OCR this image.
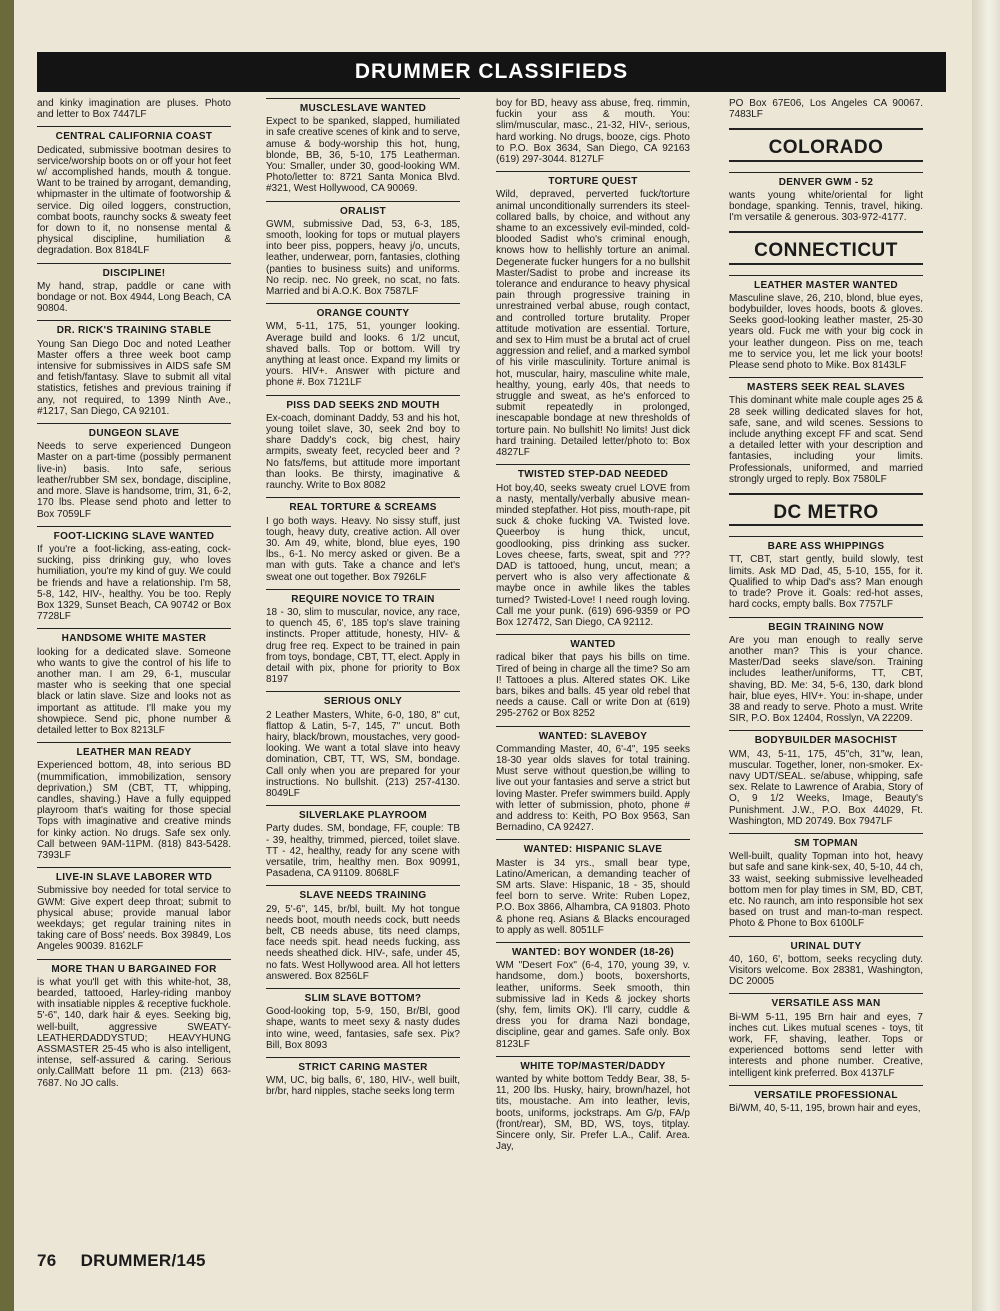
DRUMMER CLASSIFIEDS
and kinky imagination are pluses. Photo and letter to Box 7447LF
CENTRAL CALIFORNIA COAST
Dedicated, submissive bootman desires to service/worship boots on or off your hot feet w/ accomplished hands, mouth & tongue. Want to be trained by arrogant, demanding, whipmaster in the ultimate of footworship & service. Dig oiled loggers, construction, combat boots, raunchy socks & sweaty feet for down to it, no nonsense mental & physical discipline, humiliation & degradation. Box 8184LF
DISCIPLINE!
My hand, strap, paddle or cane with bondage or not. Box 4944, Long Beach, CA 90804.
DR. RICK'S TRAINING STABLE
Young San Diego Doc and noted Leather Master offers a three week boot camp intensive for submissives in AIDS safe SM and fetish/fantasy. Slave to submit all vital statistics, fetishes and previous training if any, not required, to 1399 Ninth Ave., #1217, San Diego, CA 92101.
DUNGEON SLAVE
Needs to serve experienced Dungeon Master on a part-time (possibly permanent live-in) basis. Into safe, serious leather/rubber SM sex, bondage, discipline, and more. Slave is handsome, trim, 31, 6-2, 170 lbs. Please send photo and letter to Box 7059LF
FOOT-LICKING SLAVE WANTED
If you're a foot-licking, ass-eating, cock-sucking, piss drinking guy, who loves humiliation, you're my kind of guy. We could be friends and have a relationship. I'm 58, 5-8, 142, HIV-, healthy. You be too. Reply Box 1329, Sunset Beach, CA 90742 or Box 7728LF
HANDSOME WHITE MASTER
looking for a dedicated slave. Someone who wants to give the control of his life to another man. I am 29, 6-1, muscular master who is seeking that one special black or latin slave. Size and looks not as important as attitude. I'll make you my showpiece. Send pic, phone number & detailed letter to Box 8213LF
LEATHER MAN READY
Experienced bottom, 48, into serious BD (mummification, immobilization, sensory deprivation,) SM (CBT, TT, whipping, candles, shaving.) Have a fully equipped playroom that's waiting for those special Tops with imaginative and creative minds for kinky action. No drugs. Safe sex only. Call between 9AM-11PM. (818) 843-5428. 7393LF
LIVE-IN SLAVE LABORER WTD
Submissive boy needed for total service to GWM: Give expert deep throat; submit to physical abuse; provide manual labor weekdays; get regular training nites in taking care of Boss' needs. Box 39849, Los Angeles 90039. 8162LF
MORE THAN U BARGAINED FOR
is what you'll get with this white-hot, 38, bearded, tattooed, Harley-riding manboy with insatiable nipples & receptive fuckhole. 5'-6", 140, dark hair & eyes. Seeking big, well-built, aggressive SWEATY-LEATHERDADDYSTUD; HEAVYHUNG ASSMASTER 25-45 who is also intelligent, intense, self-assured & caring. Serious only.CallMatt before 11 pm. (213) 663-7687. No JO calls.
MUSCLESLAVE WANTED
Expect to be spanked, slapped, humiliated in safe creative scenes of kink and to serve, amuse & body-worship this hot, hung, blonde, BB, 36, 5-10, 175 Leatherman. You: Smaller, under 30, good-looking WM. Photo/letter to: 8721 Santa Monica Blvd. #321, West Hollywood, CA 90069.
ORALIST
GWM, submissive Dad, 53, 6-3, 185, smooth, looking for tops or mutual players into beer piss, poppers, heavy j/o, uncuts, leather, underwear, porn, fantasies, clothing (panties to business suits) and uniforms. No recip. nec. No greek, no scat, no fats. Married and bi A.O.K. Box 7587LF
ORANGE COUNTY
WM, 5-11, 175, 51, younger looking. Average build and looks. 6 1/2 uncut, shaved balls. Top or bottom. Will try anything at least once. Expand my limits or yours. HIV+. Answer with picture and phone #. Box 7121LF
PISS DAD SEEKS 2ND MOUTH
Ex-coach, dominant Daddy, 53 and his hot, young toilet slave, 30, seek 2nd boy to share Daddy's cock, big chest, hairy armpits, sweaty feet, recycled beer and ? No fats/fems, but attitude more important than looks. Be thirsty, imaginative & raunchy. Write to Box 8082
REAL TORTURE & SCREAMS
I go both ways. Heavy. No sissy stuff, just tough, heavy duty, creative action. All over 30. Am 49, white, blond, blue eyes, 190 lbs., 6-1. No mercy asked or given. Be a man with guts. Take a chance and let's sweat one out together. Box 7926LF
REQUIRE NOVICE TO TRAIN
18 - 30, slim to muscular, novice, any race, to quench 45, 6', 185 top's slave training instincts. Proper attitude, honesty, HIV- & drug free req. Expect to be trained in pain from toys, bondage, CBT, TT, elect. Apply in detail with pix, phone for priority to Box 8197
SERIOUS ONLY
2 Leather Masters, White, 6-0, 180, 8" cut, flattop & Latin, 5-7, 145, 7" uncut. Both hairy, black/brown, moustaches, very good-looking. We want a total slave into heavy domination, CBT, TT, WS, SM, bondage. Call only when you are prepared for your instructions. No bullshit. (213) 257-4130. 8049LF
SILVERLAKE PLAYROOM
Party dudes. SM, bondage, FF, couple: TB - 39, healthy, trimmed, pierced, toilet slave. TT - 42, healthy, ready for any scene with versatile, trim, healthy men. Box 90991, Pasadena, CA 91109. 8068LF
SLAVE NEEDS TRAINING
29, 5'-6", 145, br/bl, built. My hot tongue needs boot, mouth needs cock, butt needs belt, CB needs abuse, tits need clamps, face needs spit. head needs fucking, ass needs sheathed dick. HIV-, safe, under 45, no fats. West Hollywood area. All hot letters answered. Box 8256LF
SLIM SLAVE BOTTOM?
Good-looking top, 5-9, 150, Br/Bl, good shape, wants to meet sexy & nasty dudes into wine, weed, fantasies, safe sex. Pix? Bill, Box 8093
STRICT CARING MASTER
WM, UC, big balls, 6', 180, HIV-, well built, br/br, hard nipples, stache seeks long term
boy for BD, heavy ass abuse, freq. rimmin, fuckin your ass & mouth. You: slim/muscular, masc., 21-32, HIV-, serious, hard working. No drugs, booze, cigs. Photo to P.O. Box 3634, San Diego, CA 92163 (619) 297-3044. 8127LF
TORTURE QUEST
Wild, depraved, perverted fuck/torture animal unconditionally surrenders its steel-collared balls, by choice, and without any shame to an excessively evil-minded, cold-blooded Sadist who's criminal enough, knows how to hellishly torture an animal. Degenerate fucker hungers for a no bullshit Master/Sadist to probe and increase its tolerance and endurance to heavy physical pain through progressive training in unrestrained verbal abuse, rough contact, and controlled torture brutality. Proper attitude motivation are essential. Torture, and sex to Him must be a brutal act of cruel aggression and relief, and a marked symbol of his virile masculinity. Torture animal is hot, muscular, hairy, masculine white male, healthy, young, early 40s, that needs to struggle and sweat, as he's enforced to submit repeatedly in prolonged, inescapable bondage at new thresholds of torture pain. No bullshit! No limits! Just dick hard training. Detailed letter/photo to: Box 4827LF
TWISTED STEP-DAD NEEDED
Hot boy,40, seeks sweaty cruel LOVE from a nasty, mentally/verbally abusive mean-minded stepfather. Hot piss, mouth-rape, pit suck & choke fucking VA. Twisted love. Queerboy is hung thick, uncut, goodlooking, piss drinking ass sucker. Loves cheese, farts, sweat, spit and ??? DAD is tattooed, hung, uncut, mean; a pervert who is also very affectionate & maybe once in awhile likes the tables turned? Twisted-Love! I need rough loving. Call me your punk. (619) 696-9359 or PO Box 127472, San Diego, CA 92112.
WANTED
radical biker that pays his bills on time. Tired of being in charge all the time? So am I! Tattooes a plus. Altered states OK. Like bars, bikes and balls. 45 year old rebel that needs a cause. Call or write Don at (619) 295-2762 or Box 8252
WANTED: SLAVEBOY
Commanding Master, 40, 6'-4", 195 seeks 18-30 year olds slaves for total training. Must serve without question,be willing to live out your fantasies and serve a strict but loving Master. Prefer swimmers build. Apply with letter of submission, photo, phone # and address to: Keith, PO Box 9563, San Bernadino, CA 92427.
WANTED: HISPANIC SLAVE
Master is 34 yrs., small bear type, Latino/American, a demanding teacher of SM arts. Slave: Hispanic, 18 - 35, should feel born to serve. Write: Ruben Lopez, P.O. Box 3866, Alhambra, CA 91803. Photo & phone req. Asians & Blacks encouraged to apply as well. 8051LF
WANTED: BOY WONDER (18-26)
WM "Desert Fox" (6-4, 170, young 39, v. handsome, dom.) boots, boxershorts, leather, uniforms. Seek smooth, thin submissive lad in Keds & jockey shorts (shy, fem, limits OK). I'll carry, cuddle & dress you for drama Nazi bondage, discipline, gear and games. Safe only. Box 8123LF
WHITE TOP/MASTER/DADDY
wanted by white bottom Teddy Bear, 38, 5-11, 200 lbs. Husky, hairy, brown/hazel, hot tits, moustache. Am into leather, levis, boots, uniforms, jockstraps. Am G/p, FA/p (front/rear), SM, BD, WS, toys, titplay. Sincere only, Sir. Prefer L.A., Calif. Area. Jay,
PO Box 67E06, Los Angeles CA 90067. 7483LF
COLORADO
DENVER GWM - 52
wants young white/oriental for light bondage, spanking. Tennis, travel, hiking. I'm versatile & generous. 303-972-4177.
CONNECTICUT
LEATHER MASTER WANTED
Masculine slave, 26, 210, blond, blue eyes, bodybuilder, loves hoods, boots & gloves. Seeks good-looking leather master, 25-30 years old. Fuck me with your big cock in your leather dungeon. Piss on me, teach me to service you, let me lick your boots! Please send photo to Mike. Box 8143LF
MASTERS SEEK REAL SLAVES
This dominant white male couple ages 25 & 28 seek willing dedicated slaves for hot, safe, sane, and wild scenes. Sessions to include anything except FF and scat. Send a detailed letter with your description and fantasies, including your limits. Professionals, uniformed, and married strongly urged to reply. Box 7580LF
DC METRO
BARE ASS WHIPPINGS
TT, CBT, start gently, build slowly, test limits. Ask MD Dad, 45, 5-10, 155, for it. Qualified to whip Dad's ass? Man enough to trade? Prove it. Goals: red-hot asses, hard cocks, empty balls. Box 7757LF
BEGIN TRAINING NOW
Are you man enough to really serve another man? This is your chance. Master/Dad seeks slave/son. Training includes leather/uniforms, TT, CBT, shaving, BD. Me: 34, 5-6, 130, dark blond hair, blue eyes, HIV+. You: in-shape, under 38 and ready to serve. Photo a must. Write SIR, P.O. Box 12404, Rosslyn, VA 22209.
BODYBUILDER MASOCHIST
WM, 43, 5-11, 175, 45"ch, 31"w, lean, muscular. Together, loner, non-smoker. Ex-navy UDT/SEAL. se/abuse, whipping, safe sex. Relate to Lawrence of Arabia, Story of O, 9 1/2 Weeks, Image, Beauty's Punishment. J.W., P.O. Box 44029, Ft. Washington, MD 20749. Box 7947LF
SM TOPMAN
Well-built, quality Topman into hot, heavy but safe and sane kink-sex, 40, 5-10, 44 ch, 33 waist, seeking submissive levelheaded bottom men for play times in SM, BD, CBT, etc. No raunch, am into responsible hot sex based on trust and man-to-man respect. Photo & Phone to Box 6100LF
URINAL DUTY
40, 160, 6', bottom, seeks recycling duty. Visitors welcome. Box 28381, Washington, DC 20005
VERSATILE ASS MAN
Bi-WM 5-11, 195 Brn hair and eyes, 7 inches cut. Likes mutual scenes - toys, tit work, FF, shaving, leather. Tops or experienced bottoms send letter with interests and phone number. Creative, intelligent kink preferred. Box 4137LF
VERSATILE PROFESSIONAL
Bi/WM, 40, 5-11, 195, brown hair and eyes,
76 DRUMMER/145
